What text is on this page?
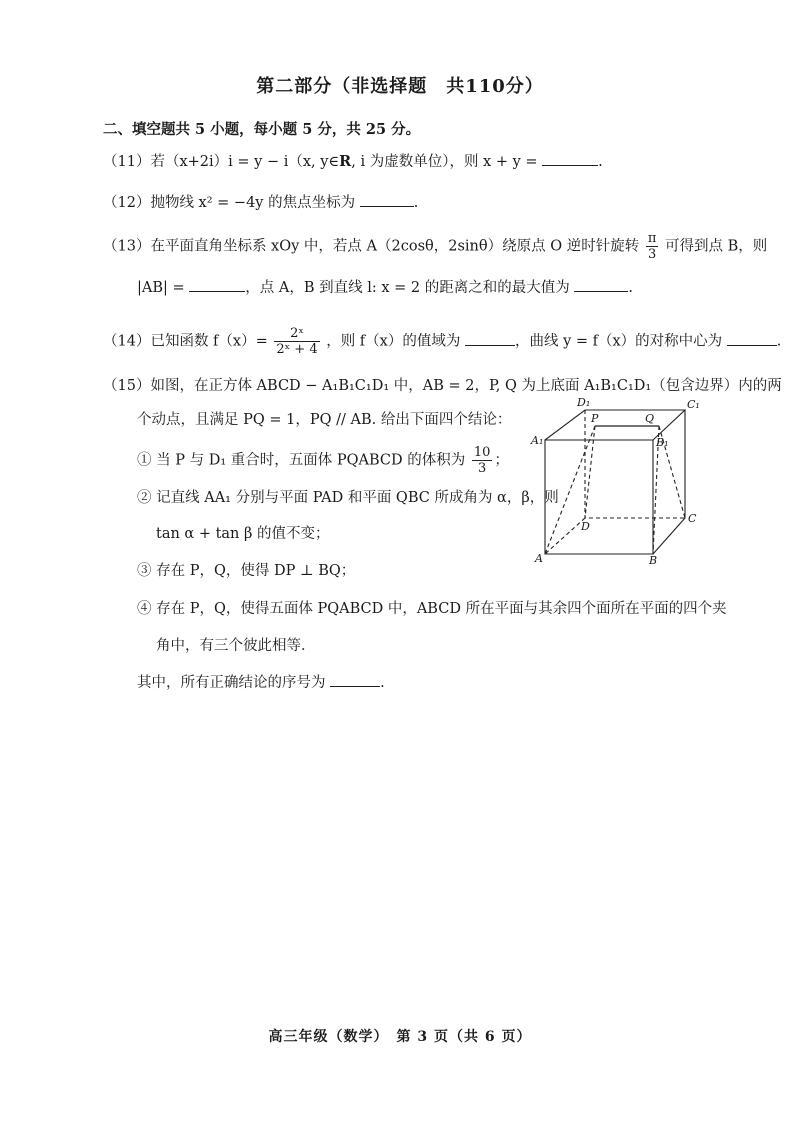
第二部分（非选择题　共110分）
二、填空题共 5 小题，每小题 5 分，共 25 分。
（11）若（x+2i）i = y − i（x, y∈R, i 为虚数单位），则 x + y =	.
（12）抛物线 x² = −4y 的焦点坐标为	.
（13）在平面直角坐标系 xOy 中，若点 A（2cosθ，2sinθ）绕原点 O 逆时针旋转 $\frac{\pi}{3}$ 可得到点 B，则
|AB| =	，点 A，B 到直线 l: x = 2 的距离之和的最大值为	.
（14）已知函数 $f(x)= \frac{\text{2ˣ}}{\text{2ˣ + 4}}$ ，则 f（x）的值域为	，曲线 y = f（x）的对称中心为	.
（15）如图，在正方体 ABCD − A₁B₁C₁D₁ 中，AB = 2，P, Q 为上底面 A₁B₁C₁D₁（包含边界）内的两
个动点，且满足 PQ = 1，PQ // AB. 给出下面四个结论：
① 当 P 与 D₁ 重合时，五面体 PQABCD 的体积为 $\frac{10}{3}$ ；
② 记直线 AA₁ 分别与平面 PAD 和平面 QBC 所成角为 α，β，则
tan α + tan β 的值不变；
③ 存在 P，Q，使得 DP ⊥ BQ；
④ 存在 P，Q，使得五面体 PQABCD 中，ABCD 所在平面与其余四个面所在平面的四个夹
角中，有三个彼此相等．
其中，所有正确结论的序号为	.
D₁	C₁
A₁	B₁
P	Q
A	B
C
D
高三年级（数学）　第 3 页（共 6 页）
